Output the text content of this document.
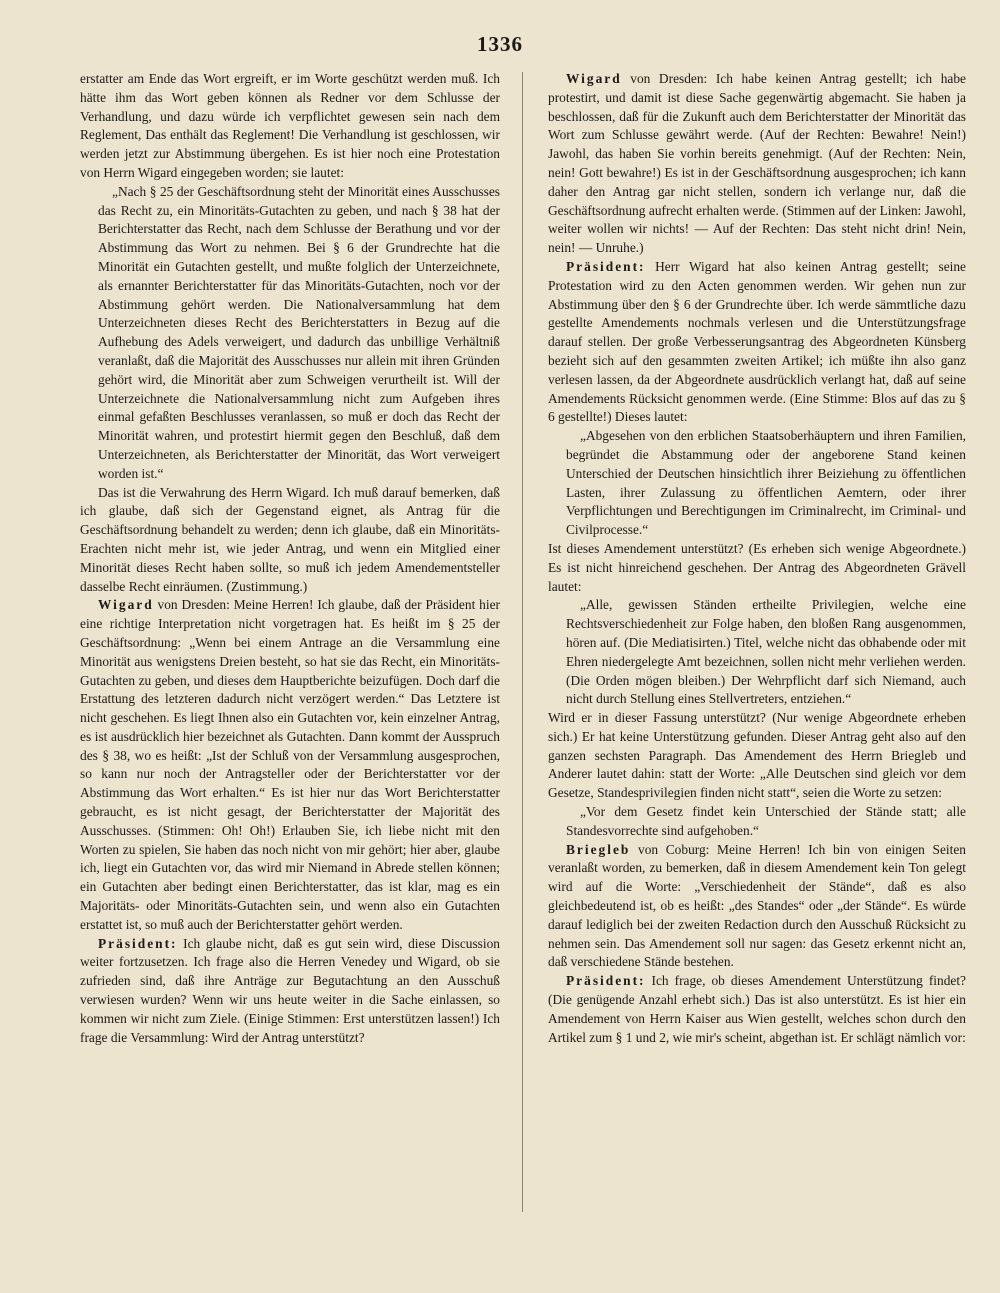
1336

erstatter am Ende das Wort ergreift, er im Worte geschützt werden muß. Ich hätte ihm das Wort geben können als Redner vor dem Schlusse der Verhandlung, und dazu würde ich verpflichtet gewesen sein nach dem Reglement, Das enthält das Reglement! Die Verhandlung ist geschlossen, wir werden jetzt zur Abstimmung übergehen. Es ist hier noch eine Protestation von Herrn Wigard eingegeben worden; sie lautet:

„Nach § 25 der Geschäftsordnung steht der Minorität eines Ausschusses das Recht zu, ein Minoritäts-Gutachten zu geben, und nach § 38 hat der Berichterstatter das Recht, nach dem Schlusse der Berathung und vor der Abstimmung das Wort zu nehmen. Bei § 6 der Grundrechte hat die Minorität ein Gutachten gestellt, und mußte folglich der Unterzeichnete, als ernannter Berichterstatter für das Minoritäts-Gutachten, noch vor der Abstimmung gehört werden. Die Nationalversammlung hat dem Unterzeichneten dieses Recht des Berichterstatters in Bezug auf die Aufhebung des Adels verweigert, und dadurch das unbillige Verhältniß veranlaßt, daß die Majorität des Ausschusses nur allein mit ihren Gründen gehört wird, die Minorität aber zum Schweigen verurtheilt ist. Will der Unterzeichnete die Nationalversammlung nicht zum Aufgeben ihres einmal gefaßten Beschlusses veranlassen, so muß er doch das Recht der Minorität wahren, und protestirt hiermit gegen den Beschluß, daß dem Unterzeichneten, als Berichterstatter der Minorität, das Wort verweigert worden ist.“

Das ist die Verwahrung des Herrn Wigard. Ich muß darauf bemerken, daß ich glaube, daß sich der Gegenstand eignet, als Antrag für die Geschäftsordnung behandelt zu werden; denn ich glaube, daß ein Minoritäts-Erachten nicht mehr ist, wie jeder Antrag, und wenn ein Mitglied einer Minorität dieses Recht haben sollte, so muß ich jedem Amendementsteller dasselbe Recht einräumen. (Zustimmung.)

Wigard von Dresden: Meine Herren! Ich glaube, daß der Präsident hier eine richtige Interpretation nicht vorgetragen hat. Es heißt im § 25 der Geschäftsordnung: „Wenn bei einem Antrage an die Versammlung eine Minorität aus wenigstens Dreien besteht, so hat sie das Recht, ein Minoritäts-Gutachten zu geben, und dieses dem Hauptberichte beizufügen. Doch darf die Erstattung des letzteren dadurch nicht verzögert werden.“ Das Letztere ist nicht geschehen. Es liegt Ihnen also ein Gutachten vor, kein einzelner Antrag, es ist ausdrücklich hier bezeichnet als Gutachten. Dann kommt der Ausspruch des § 38, wo es heißt: „Ist der Schluß von der Versammlung ausgesprochen, so kann nur noch der Antragsteller oder der Berichterstatter vor der Abstimmung das Wort erhalten.“ Es ist hier nur das Wort Berichterstatter gebraucht, es ist nicht gesagt, der Berichterstatter der Majorität des Ausschusses. (Stimmen: Oh! Oh!) Erlauben Sie, ich liebe nicht mit den Worten zu spielen, Sie haben das noch nicht von mir gehört; hier aber, glaube ich, liegt ein Gutachten vor, das wird mir Niemand in Abrede stellen können; ein Gutachten aber bedingt einen Berichterstatter, das ist klar, mag es ein Majoritäts- oder Minoritäts-Gutachten sein, und wenn also ein Gutachten erstattet ist, so muß auch der Berichterstatter gehört werden.

Präsident: Ich glaube nicht, daß es gut sein wird, diese Discussion weiter fortzusetzen. Ich frage also die Herren Venedey und Wigard, ob sie zufrieden sind, daß ihre Anträge zur Begutachtung an den Ausschuß verwiesen wurden? Wenn wir uns heute weiter in die Sache einlassen, so kommen wir nicht zum Ziele. (Einige Stimmen: Erst unterstützen lassen!) Ich frage die Versammlung: Wird der Antrag unterstützt?

Wigard von Dresden: Ich habe keinen Antrag gestellt; ich habe protestirt, und damit ist diese Sache gegenwärtig abgemacht. Sie haben ja beschlossen, daß für die Zukunft auch dem Berichterstatter der Minorität das Wort zum Schlusse gewährt werde. (Auf der Rechten: Bewahre! Nein!) Jawohl, das haben Sie vorhin bereits genehmigt. (Auf der Rechten: Nein, nein! Gott bewahre!) Es ist in der Geschäftsordnung ausgesprochen; ich kann daher den Antrag gar nicht stellen, sondern ich verlange nur, daß die Geschäftsordnung aufrecht erhalten werde. (Stimmen auf der Linken: Jawohl, weiter wollen wir nichts! — Auf der Rechten: Das steht nicht drin! Nein, nein! — Unruhe.)

Präsident: Herr Wigard hat also keinen Antrag gestellt; seine Protestation wird zu den Acten genommen werden. Wir gehen nun zur Abstimmung über den § 6 der Grundrechte über. Ich werde sämmtliche dazu gestellte Amendements nochmals verlesen und die Unterstützungsfrage darauf stellen. Der große Verbesserungsantrag des Abgeordneten Künsberg bezieht sich auf den gesammten zweiten Artikel; ich müßte ihn also ganz verlesen lassen, da der Abgeordnete ausdrücklich verlangt hat, daß auf seine Amendements Rücksicht genommen werde. (Eine Stimme: Blos auf das zu § 6 gestellte!) Dieses lautet:

„Abgesehen von den erblichen Staatsoberhäuptern und ihren Familien, begründet die Abstammung oder der angeborene Stand keinen Unterschied der Deutschen hinsichtlich ihrer Beiziehung zu öffentlichen Lasten, ihrer Zulassung zu öffentlichen Aemtern, oder ihrer Verpflichtungen und Berechtigungen im Criminalrecht, im Criminal- und Civilprocesse.“

Ist dieses Amendement unterstützt? (Es erheben sich wenige Abgeordnete.) Es ist nicht hinreichend geschehen. Der Antrag des Abgeordneten Grävell lautet:

„Alle, gewissen Ständen ertheilte Privilegien, welche eine Rechtsverschiedenheit zur Folge haben, den bloßen Rang ausgenommen, hören auf. (Die Mediatisirten.) Titel, welche nicht das obhabende oder mit Ehren niedergelegte Amt bezeichnen, sollen nicht mehr verliehen werden. (Die Orden mögen bleiben.) Der Wehrpflicht darf sich Niemand, auch nicht durch Stellung eines Stellvertreters, entziehen.“

Wird er in dieser Fassung unterstützt? (Nur wenige Abgeordnete erheben sich.) Er hat keine Unterstützung gefunden. Dieser Antrag geht also auf den ganzen sechsten Paragraph. Das Amendement des Herrn Briegleb und Anderer lautet dahin: statt der Worte: „Alle Deutschen sind gleich vor dem Gesetze, Standesprivilegien finden nicht statt“, seien die Worte zu setzen:

„Vor dem Gesetz findet kein Unterschied der Stände statt; alle Standesvorrechte sind aufgehoben.“

Briegleb von Coburg: Meine Herren! Ich bin von einigen Seiten veranlaßt worden, zu bemerken, daß in diesem Amendement kein Ton gelegt wird auf die Worte: „Verschiedenheit der Stände“, daß es also gleichbedeutend ist, ob es heißt: „des Standes“ oder „der Stände“. Es würde darauf lediglich bei der zweiten Redaction durch den Ausschuß Rücksicht zu nehmen sein. Das Amendement soll nur sagen: das Gesetz erkennt nicht an, daß verschiedene Stände bestehen.

Präsident: Ich frage, ob dieses Amendement Unterstützung findet? (Die genügende Anzahl erhebt sich.) Das ist also unterstützt. Es ist hier ein Amendement von Herrn Kaiser aus Wien gestellt, welches schon durch den Artikel zum § 1 und 2, wie mir's scheint, abgethan ist. Er schlägt nämlich vor:
